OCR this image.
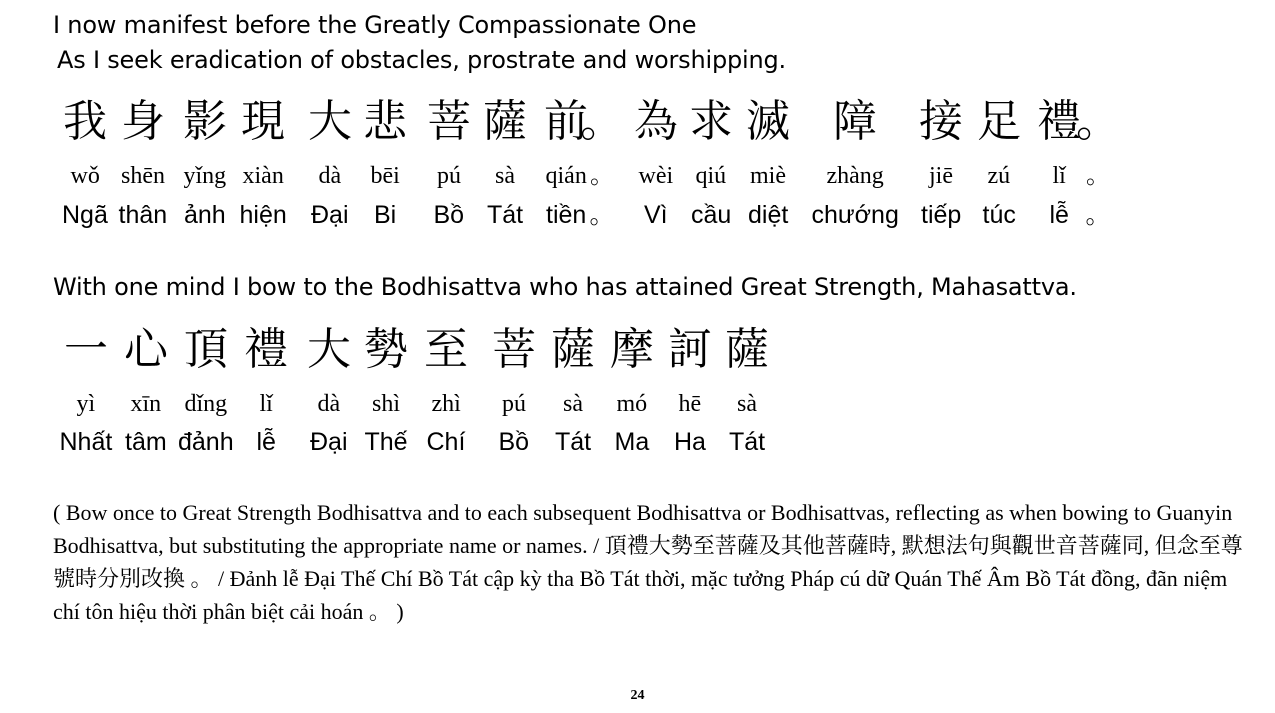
I now manifest before the Greatly Compassionate One
As I seek eradication of obstacles, prostrate and worshipping.
我 身 影 現 大 悲 菩 薩 前
。 為 求 滅 障 接 足 禮
。
wǒ shēn yǐng xiàn dà bēi pú sà qián 。 wèi qiú miè zhàng jiē zú lǐ 。
Ngã thân ảnh hiện Đại Bi Bồ Tát tiền 。 Vì cầu diệt chướng tiếp túc lễ 。
With one mind I bow to the Bodhisattva who has attained Great Strength, Mahasattva.
一 心 頂 禮 大 勢 至 菩 薩 摩 訶 薩
yì xīn dǐng lǐ dà shì zhì pú sà mó hē sà
Nhất tâm đảnh lễ Đại Thế Chí Bồ Tát Ma Ha Tát
( Bow once to Great Strength Bodhisattva and to each subsequent Bodhisattva or Bodhisattvas, reflecting as when bowing to Guanyin Bodhisattva, but substituting the appropriate name or names. / 頂禮大勢至菩薩及其他菩薩時, 默想法句與觀世音菩薩同, 但念至尊號時分別改換 。 / Đảnh lễ Đại Thế Chí Bồ Tát cập kỳ tha Bồ Tát thời, mặc tưởng Pháp cú dữ Quán Thế Âm Bồ Tát đồng, đãn niệm chí tôn hiệu thời phân biệt cải hoán 。 )
24
